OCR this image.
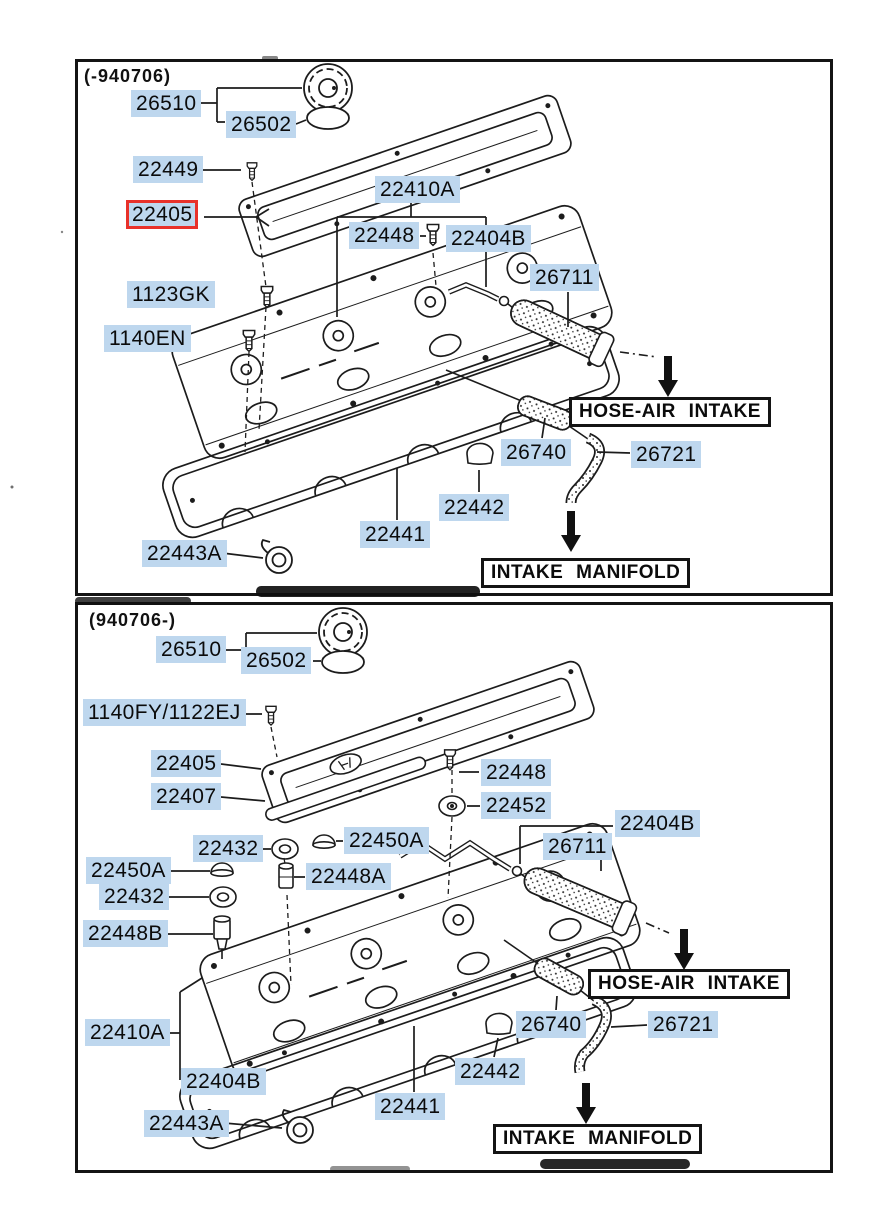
(-940706)
26510
26502
22449
22405
22410A
22448 22404B
26711
1123GK
1140EN
HOSE-AIR INTAKE
26740	26721
22442
22441
22443A
INTAKE MANIFOLD
(940706-)
26510 26502
1140FY/1122EJ
22405
22407
22448
22452
22450A
22432
22404B
26711
22450A
22432
22448A
22448B
HOSE-AIR INTAKE
22410A	26740	26721
22404B	22442
22441
22443A
INTAKE MANIFOLD
